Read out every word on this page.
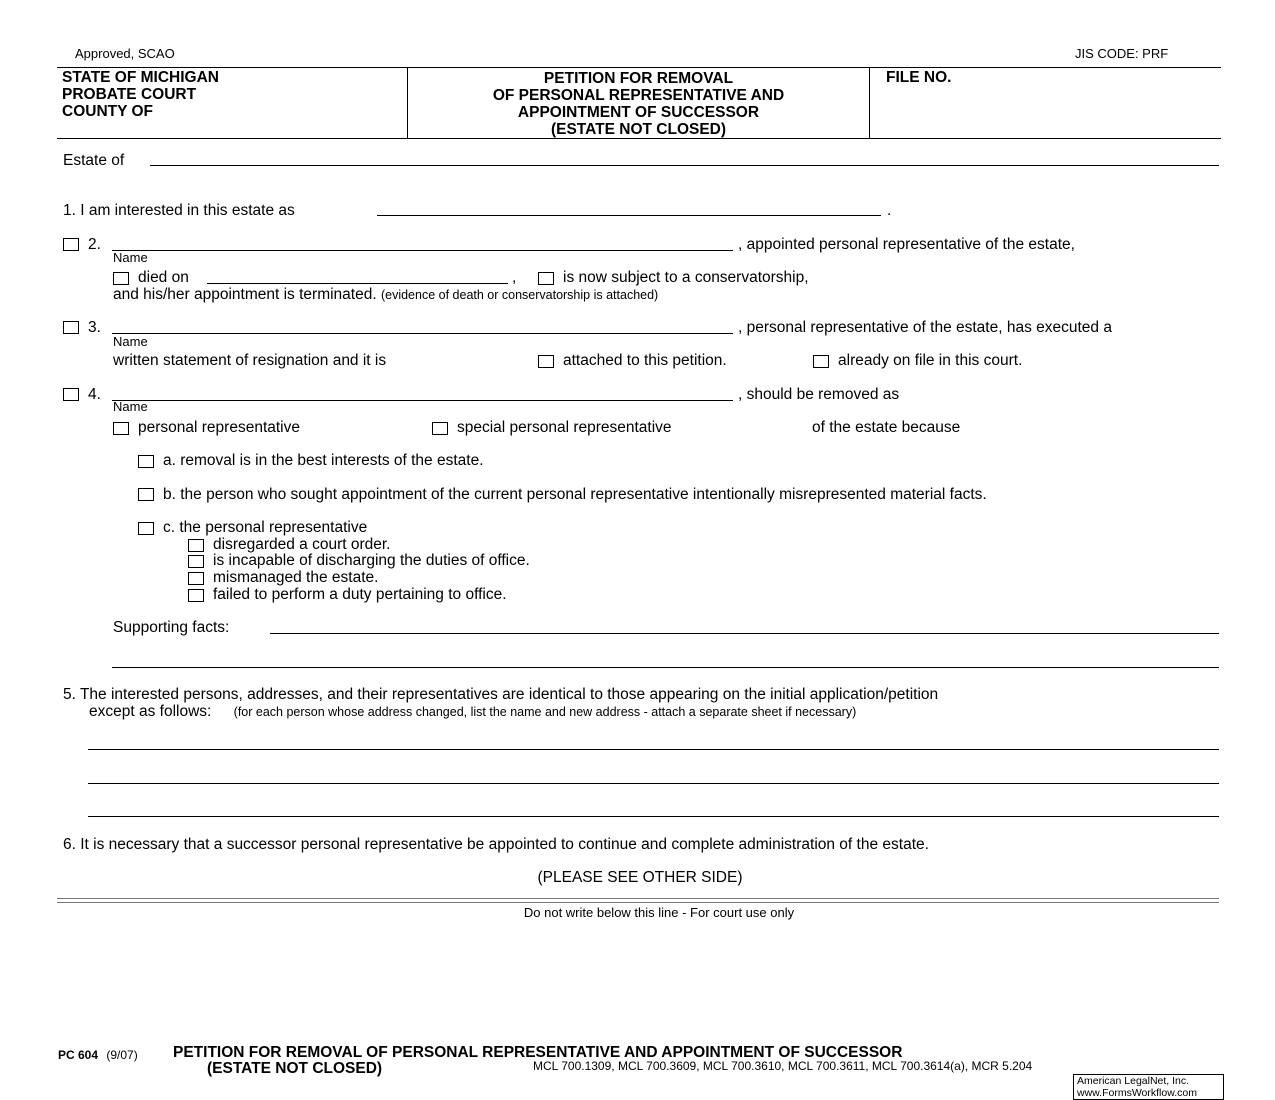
Approved, SCAO	JIS CODE: PRF
STATE OF MICHIGAN
PROBATE COURT
COUNTY OF
PETITION FOR REMOVAL
OF PERSONAL REPRESENTATIVE AND
APPOINTMENT OF SUCCESSOR
(ESTATE NOT CLOSED)
FILE NO.
Estate of
1. I am interested in this estate as	.
2.	, appointed personal representative of the estate,
Name
died on	,	is now subject to a conservatorship,
and his/her appointment is terminated. (evidence of death or conservatorship is attached)
3.	, personal representative of the estate, has executed a
Name
written statement of resignation and it is	attached to this petition.	already on file in this court.
4.	, should be removed as
Name
personal representative	special personal representative	of the estate because
a. removal is in the best interests of the estate.
b. the person who sought appointment of the current personal representative intentionally misrepresented material facts.
c. the personal representative
disregarded a court order.
is incapable of discharging the duties of office.
mismanaged the estate.
failed to perform a duty pertaining to office.
Supporting facts:
5. The interested persons, addresses, and their representatives are identical to those appearing on the initial application/petition
except as follows: (for each person whose address changed, list the name and new address - attach a separate sheet if necessary)
6. It is necessary that a successor personal representative be appointed to continue and complete administration of the estate.
(PLEASE SEE OTHER SIDE)
Do not write below this line - For court use only
PC 604 (9/07) PETITION FOR REMOVAL OF PERSONAL REPRESENTATIVE AND APPOINTMENT OF SUCCESSOR
(ESTATE NOT CLOSED)	MCL 700.1309, MCL 700.3609, MCL 700.3610, MCL 700.3611, MCL 700.3614(a), MCR 5.204
American LegalNet, Inc.
www.FormsWorkflow.com
